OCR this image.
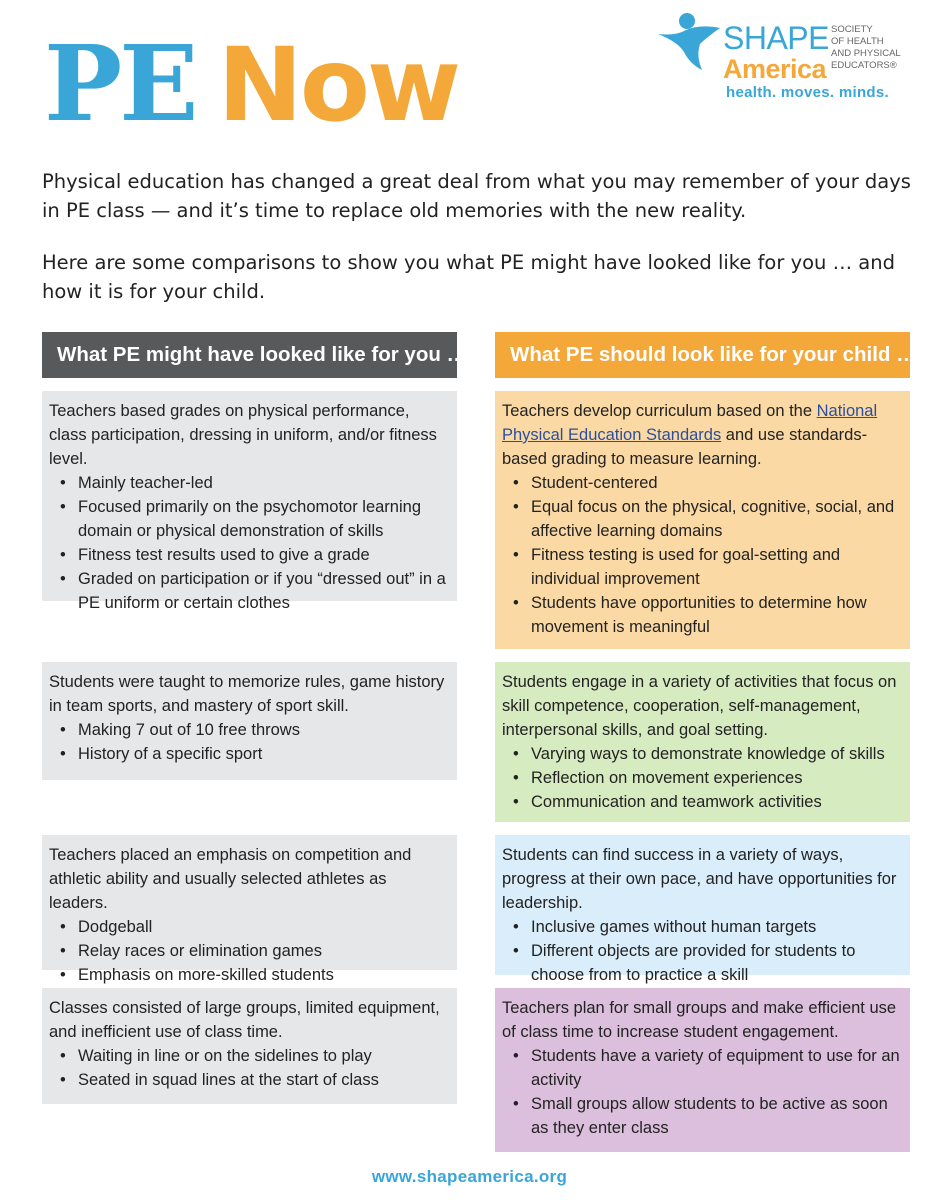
PE Now	SHAPE
America
SOCIETY
OF HEALTH
AND PHYSICAL
EDUCATORS®
health. moves. minds.

Physical education has changed a great deal from what you may remember of your days in PE class — and it’s time to replace old memories with the new reality.

Here are some comparisons to show you what PE might have looked like for you … and how it is for your child.

What PE might have looked like for you …	What PE should look like for your child …

Teachers based grades on physical performance, class participation, dressing in uniform, and/or fitness level.

• Mainly teacher-led
• Focused primarily on the psychomotor learning domain or physical demonstration of skills
• Fitness test results used to give a grade
• Graded on participation or if you “dressed out” in a PE uniform or certain clothes

Teachers develop curriculum based on the National Physical Education Standards and use standards-based grading to measure learning.

• Student-centered
• Equal focus on the physical, cognitive, social, and affective learning domains
• Fitness testing is used for goal-setting and individual improvement
• Students have opportunities to determine how movement is meaningful

Students were taught to memorize rules, game history in team sports, and mastery of sport skill.

• Making 7 out of 10 free throws
• History of a specific sport

Students engage in a variety of activities that focus on skill competence, cooperation, self-management, interpersonal skills, and goal setting.

• Varying ways to demonstrate knowledge of skills
• Reflection on movement experiences
• Communication and teamwork activities

Teachers placed an emphasis on competition and athletic ability and usually selected athletes as leaders.

• Dodgeball
• Relay races or elimination games
• Emphasis on more-skilled students

Students can find success in a variety of ways, progress at their own pace, and have opportunities for leadership.

• Inclusive games without human targets
• Different objects are provided for students to choose from to practice a skill

Classes consisted of large groups, limited equipment, and inefficient use of class time.

• Waiting in line or on the sidelines to play
• Seated in squad lines at the start of class

Teachers plan for small groups and make efficient use of class time to increase student engagement.

• Students have a variety of equipment to use for an activity
• Small groups allow students to be active as soon as they enter class
www.shapeamerica.org
